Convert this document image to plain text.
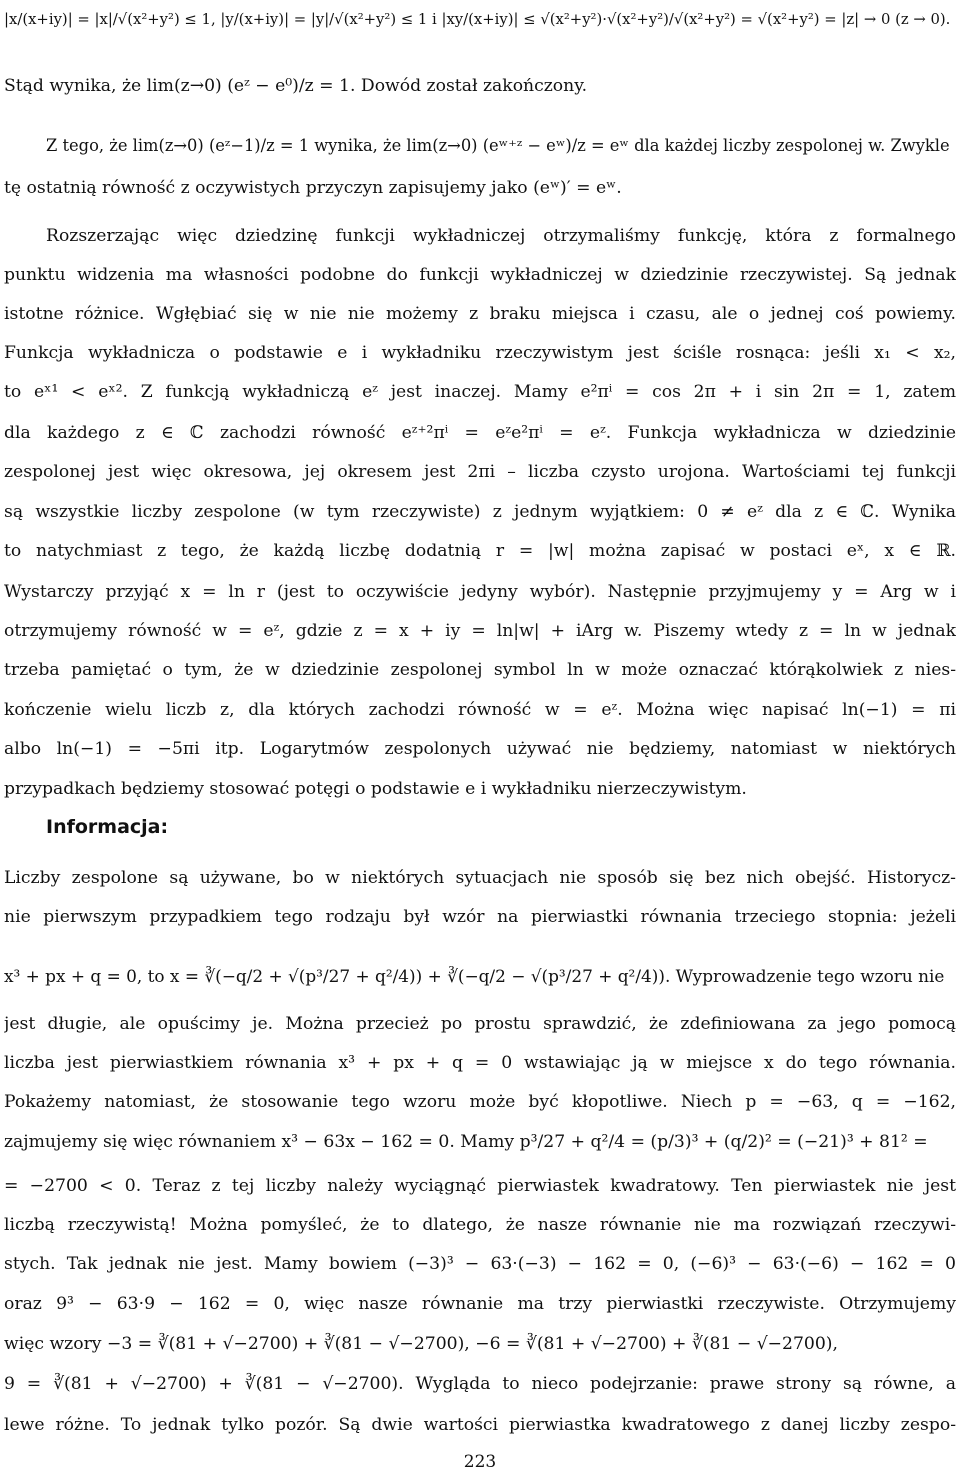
|x/(x+iy)| = |x|/√(x²+y²) ≤ 1, |y/(x+iy)| = |y|/√(x²+y²) ≤ 1 i |xy/(x+iy)| ≤ √(x²+y²)·√(x²+y²)/√(x²+y²) = √(x²+y²) = |z| → 0 (z → 0).
Stąd wynika, że lim(z→0) (eᶻ − e⁰)/z = 1. Dowód został zakończony.
Z tego, że lim(z→0) (eᶻ−1)/z = 1 wynika, że lim(z→0) (eʷ⁺ᶻ − eʷ)/z = eʷ dla każdej liczby zespolonej w. Zwykle
tę ostatnią równość z oczywistych przyczyn zapisujemy jako (eʷ)′ = eʷ.
Rozszerzając więc dziedzinę funkcji wykładniczej otrzymaliśmy funkcję, która z formalnego
punktu widzenia ma własności podobne do funkcji wykładniczej w dziedzinie rzeczywistej. Są jednak
istotne różnice. Wgłębiać się w nie nie możemy z braku miejsca i czasu, ale o jednej coś powiemy.
Funkcja wykładnicza o podstawie e i wykładniku rzeczywistym jest ściśle rosnąca: jeśli x₁ < x₂,
to eˣ¹ < eˣ². Z funkcją wykładniczą eᶻ jest inaczej. Mamy e²πⁱ = cos 2π + i sin 2π = 1, zatem
dla każdego z ∈ ℂ zachodzi równość eᶻ⁺²πⁱ = eᶻe²πⁱ = eᶻ. Funkcja wykładnicza w dziedzinie
zespolonej jest więc okresowa, jej okresem jest 2πi – liczba czysto urojona. Wartościami tej funkcji
są wszystkie liczby zespolone (w tym rzeczywiste) z jednym wyjątkiem: 0 ≠ eᶻ dla z ∈ ℂ. Wynika
to natychmiast z tego, że każdą liczbę dodatnią r = |w| można zapisać w postaci eˣ, x ∈ ℝ.
Wystarczy przyjąć x = ln r (jest to oczywiście jedyny wybór). Następnie przyjmujemy y = Arg w i
otrzymujemy równość w = eᶻ, gdzie z = x + iy = ln|w| + iArg w. Piszemy wtedy z = ln w jednak
trzeba pamiętać o tym, że w dziedzinie zespolonej symbol ln w może oznaczać którąkolwiek z nies-
kończenie wielu liczb z, dla których zachodzi równość w = eᶻ. Można więc napisać ln(−1) = πi
albo ln(−1) = −5πi itp. Logarytmów zespolonych używać nie będziemy, natomiast w niektórych
przypadkach będziemy stosować potęgi o podstawie e i wykładniku nierzeczywistym.
Informacja:
Liczby zespolone są używane, bo w niektórych sytuacjach nie sposób się bez nich obejść. Historycz-
nie pierwszym przypadkiem tego rodzaju był wzór na pierwiastki równania trzeciego stopnia: jeżeli
x³ + px + q = 0, to x = ∛(−q/2 + √(p³/27 + q²/4)) + ∛(−q/2 − √(p³/27 + q²/4)). Wyprowadzenie tego wzoru nie
jest długie, ale opuścimy je. Można przecież po prostu sprawdzić, że zdefiniowana za jego pomocą
liczba jest pierwiastkiem równania x³ + px + q = 0 wstawiając ją w miejsce x do tego równania.
Pokażemy natomiast, że stosowanie tego wzoru może być kłopotliwe. Niech p = −63, q = −162,
zajmujemy się więc równaniem x³ − 63x − 162 = 0. Mamy p³/27 + q²/4 = (p/3)³ + (q/2)² = (−21)³ + 81² =
= −2700 < 0. Teraz z tej liczby należy wyciągnąć pierwiastek kwadratowy. Ten pierwiastek nie jest
liczbą rzeczywistą! Można pomyśleć, że to dlatego, że nasze równanie nie ma rozwiązań rzeczywi-
stych. Tak jednak nie jest. Mamy bowiem (−3)³ − 63·(−3) − 162 = 0, (−6)³ − 63·(−6) − 162 = 0
oraz 9³ − 63·9 − 162 = 0, więc nasze równanie ma trzy pierwiastki rzeczywiste. Otrzymujemy
więc wzory −3 = ∛(81 + √−2700) + ∛(81 − √−2700), −6 = ∛(81 + √−2700) + ∛(81 − √−2700),
9 = ∛(81 + √−2700) + ∛(81 − √−2700). Wygląda to nieco podejrzanie: prawe strony są równe, a
lewe różne. To jednak tylko pozór. Są dwie wartości pierwiastka kwadratowego z danej liczby zespo-
223
